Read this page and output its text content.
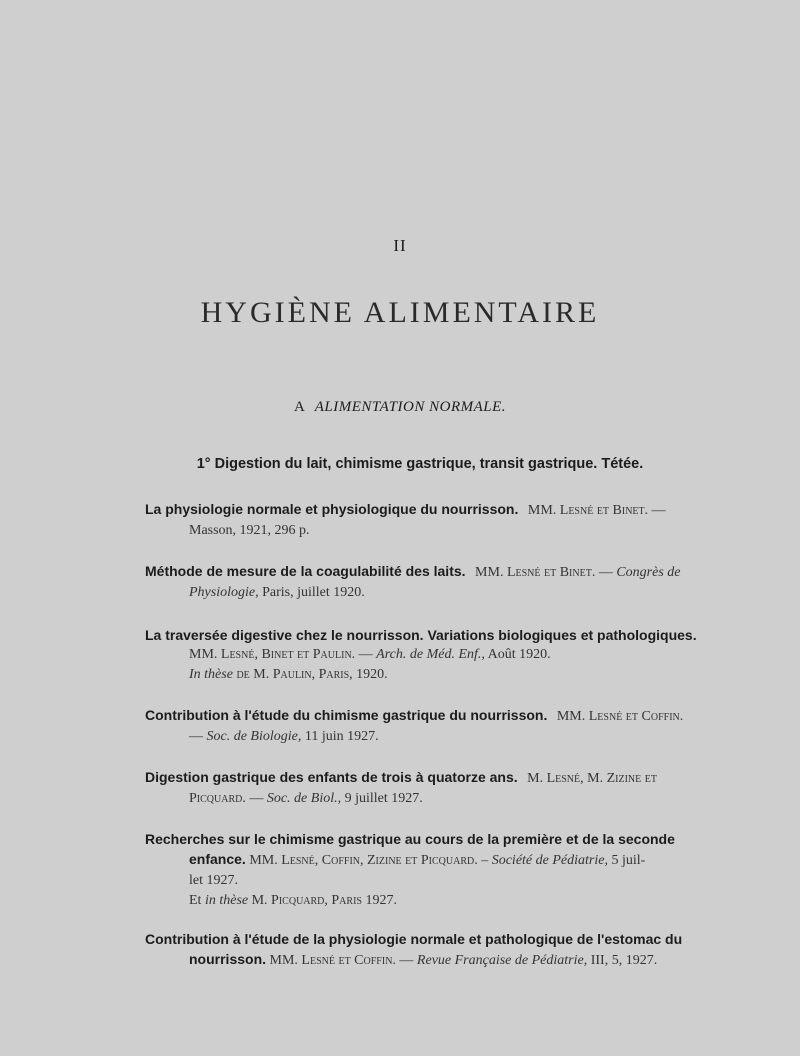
II
HYGIÈNE ALIMENTAIRE
A ALIMENTATION NORMALE.
1° Digestion du lait, chimisme gastrique, transit gastrique. Tétée.
La physiologie normale et physiologique du nourrisson. MM. Lesné et Binet. —
Masson, 1921, 296 p.
Méthode de mesure de la coagulabilité des laits. MM. Lesné et Binet. — Congrès de
Physiologie, Paris, juillet 1920.
La traversée digestive chez le nourrisson. Variations biologiques et pathologiques.
MM. Lesné, Binet et Paulin. — Arch. de Méd. Enf., Août 1920.
In thèse de M. Paulin, Paris, 1920.
Contribution à l'étude du chimisme gastrique du nourrisson. MM. Lesné et Coffin.
— Soc. de Biologie, 11 juin 1927.
Digestion gastrique des enfants de trois à quatorze ans. M. Lesné, M. Zizine et
Picquard. — Soc. de Biol., 9 juillet 1927.
Recherches sur le chimisme gastrique au cours de la première et de la seconde
enfance. MM. Lesné, Coffin, Zizine et Picquard. – Société de Pédiatrie, 5 juil-
let 1927.
Et in thèse M. Picquard, Paris 1927.
Contribution à l'étude de la physiologie normale et pathologique de l'estomac du
nourrisson. MM. Lesné et Coffin. — Revue Française de Pédiatrie, III, 5, 1927.
